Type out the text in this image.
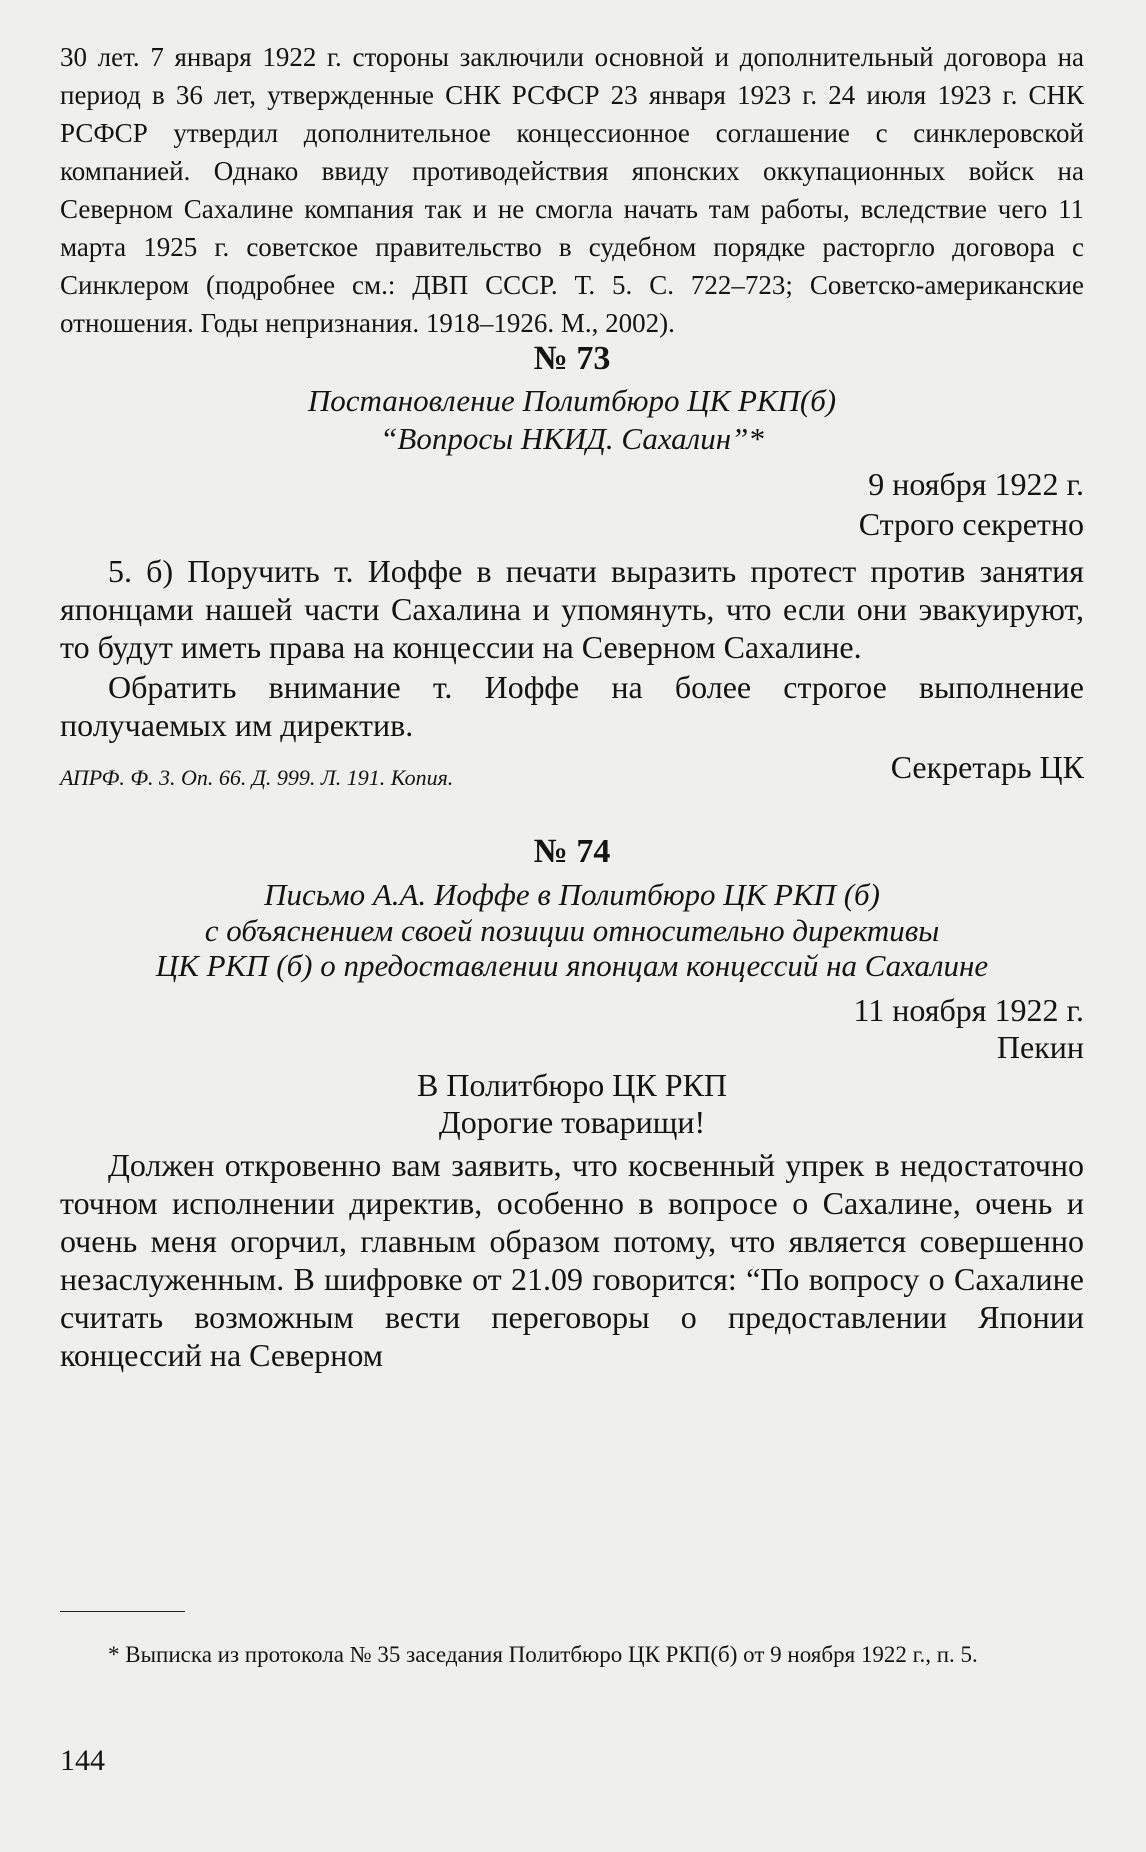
30 лет. 7 января 1922 г. стороны заключили основной и дополнительный договора на период в 36 лет, утвержденные СНК РСФСР 23 января 1923 г. 24 июля 1923 г. СНК РСФСР утвердил дополнительное концессионное соглашение с синклеровской компанией. Однако ввиду противодействия японских оккупационных войск на Северном Сахалине компания так и не смогла начать там работы, вследствие чего 11 марта 1925 г. советское правительство в судебном порядке расторгло договора с Синклером (подробнее см.: ДВП СССР. Т. 5. С. 722–723; Советско-американские отношения. Годы непризнания. 1918–1926. М., 2002).

№ 73

Постановление Политбюро ЦК РКП(б)

“Вопросы НКИД. Сахалин”*

9 ноября 1922 г.

Строго секретно

5. б) Поручить т. Иоффе в печати выразить протест против занятия японцами нашей части Сахалина и упомянуть, что если они эвакуируют, то будут иметь права на концессии на Северном Сахалине.

Обратить внимание т. Иоффе на более строгое выполнение получаемых им директив.

Секретарь ЦК

АПРФ. Ф. 3. Оп. 66. Д. 999. Л. 191. Копия.

№ 74

Письмо А.А. Иоффе в Политбюро ЦК РКП (б)

с объяснением своей позиции относительно директивы

ЦК РКП (б) о предоставлении японцам концессий на Сахалине

11 ноября 1922 г.

Пекин

В Политбюро ЦК РКП

Дорогие товарищи!

Должен откровенно вам заявить, что косвенный упрек в недостаточно точном исполнении директив, особенно в вопросе о Сахалине, очень и очень меня огорчил, главным образом потому, что является совершенно незаслуженным. В шифровке от 21.09 говорится: “По вопросу о Сахалине считать возможным вести переговоры о предоставлении Японии концессий на Северном

* Выписка из протокола № 35 заседания Политбюро ЦК РКП(б) от 9 ноября 1922 г., п. 5.

144
